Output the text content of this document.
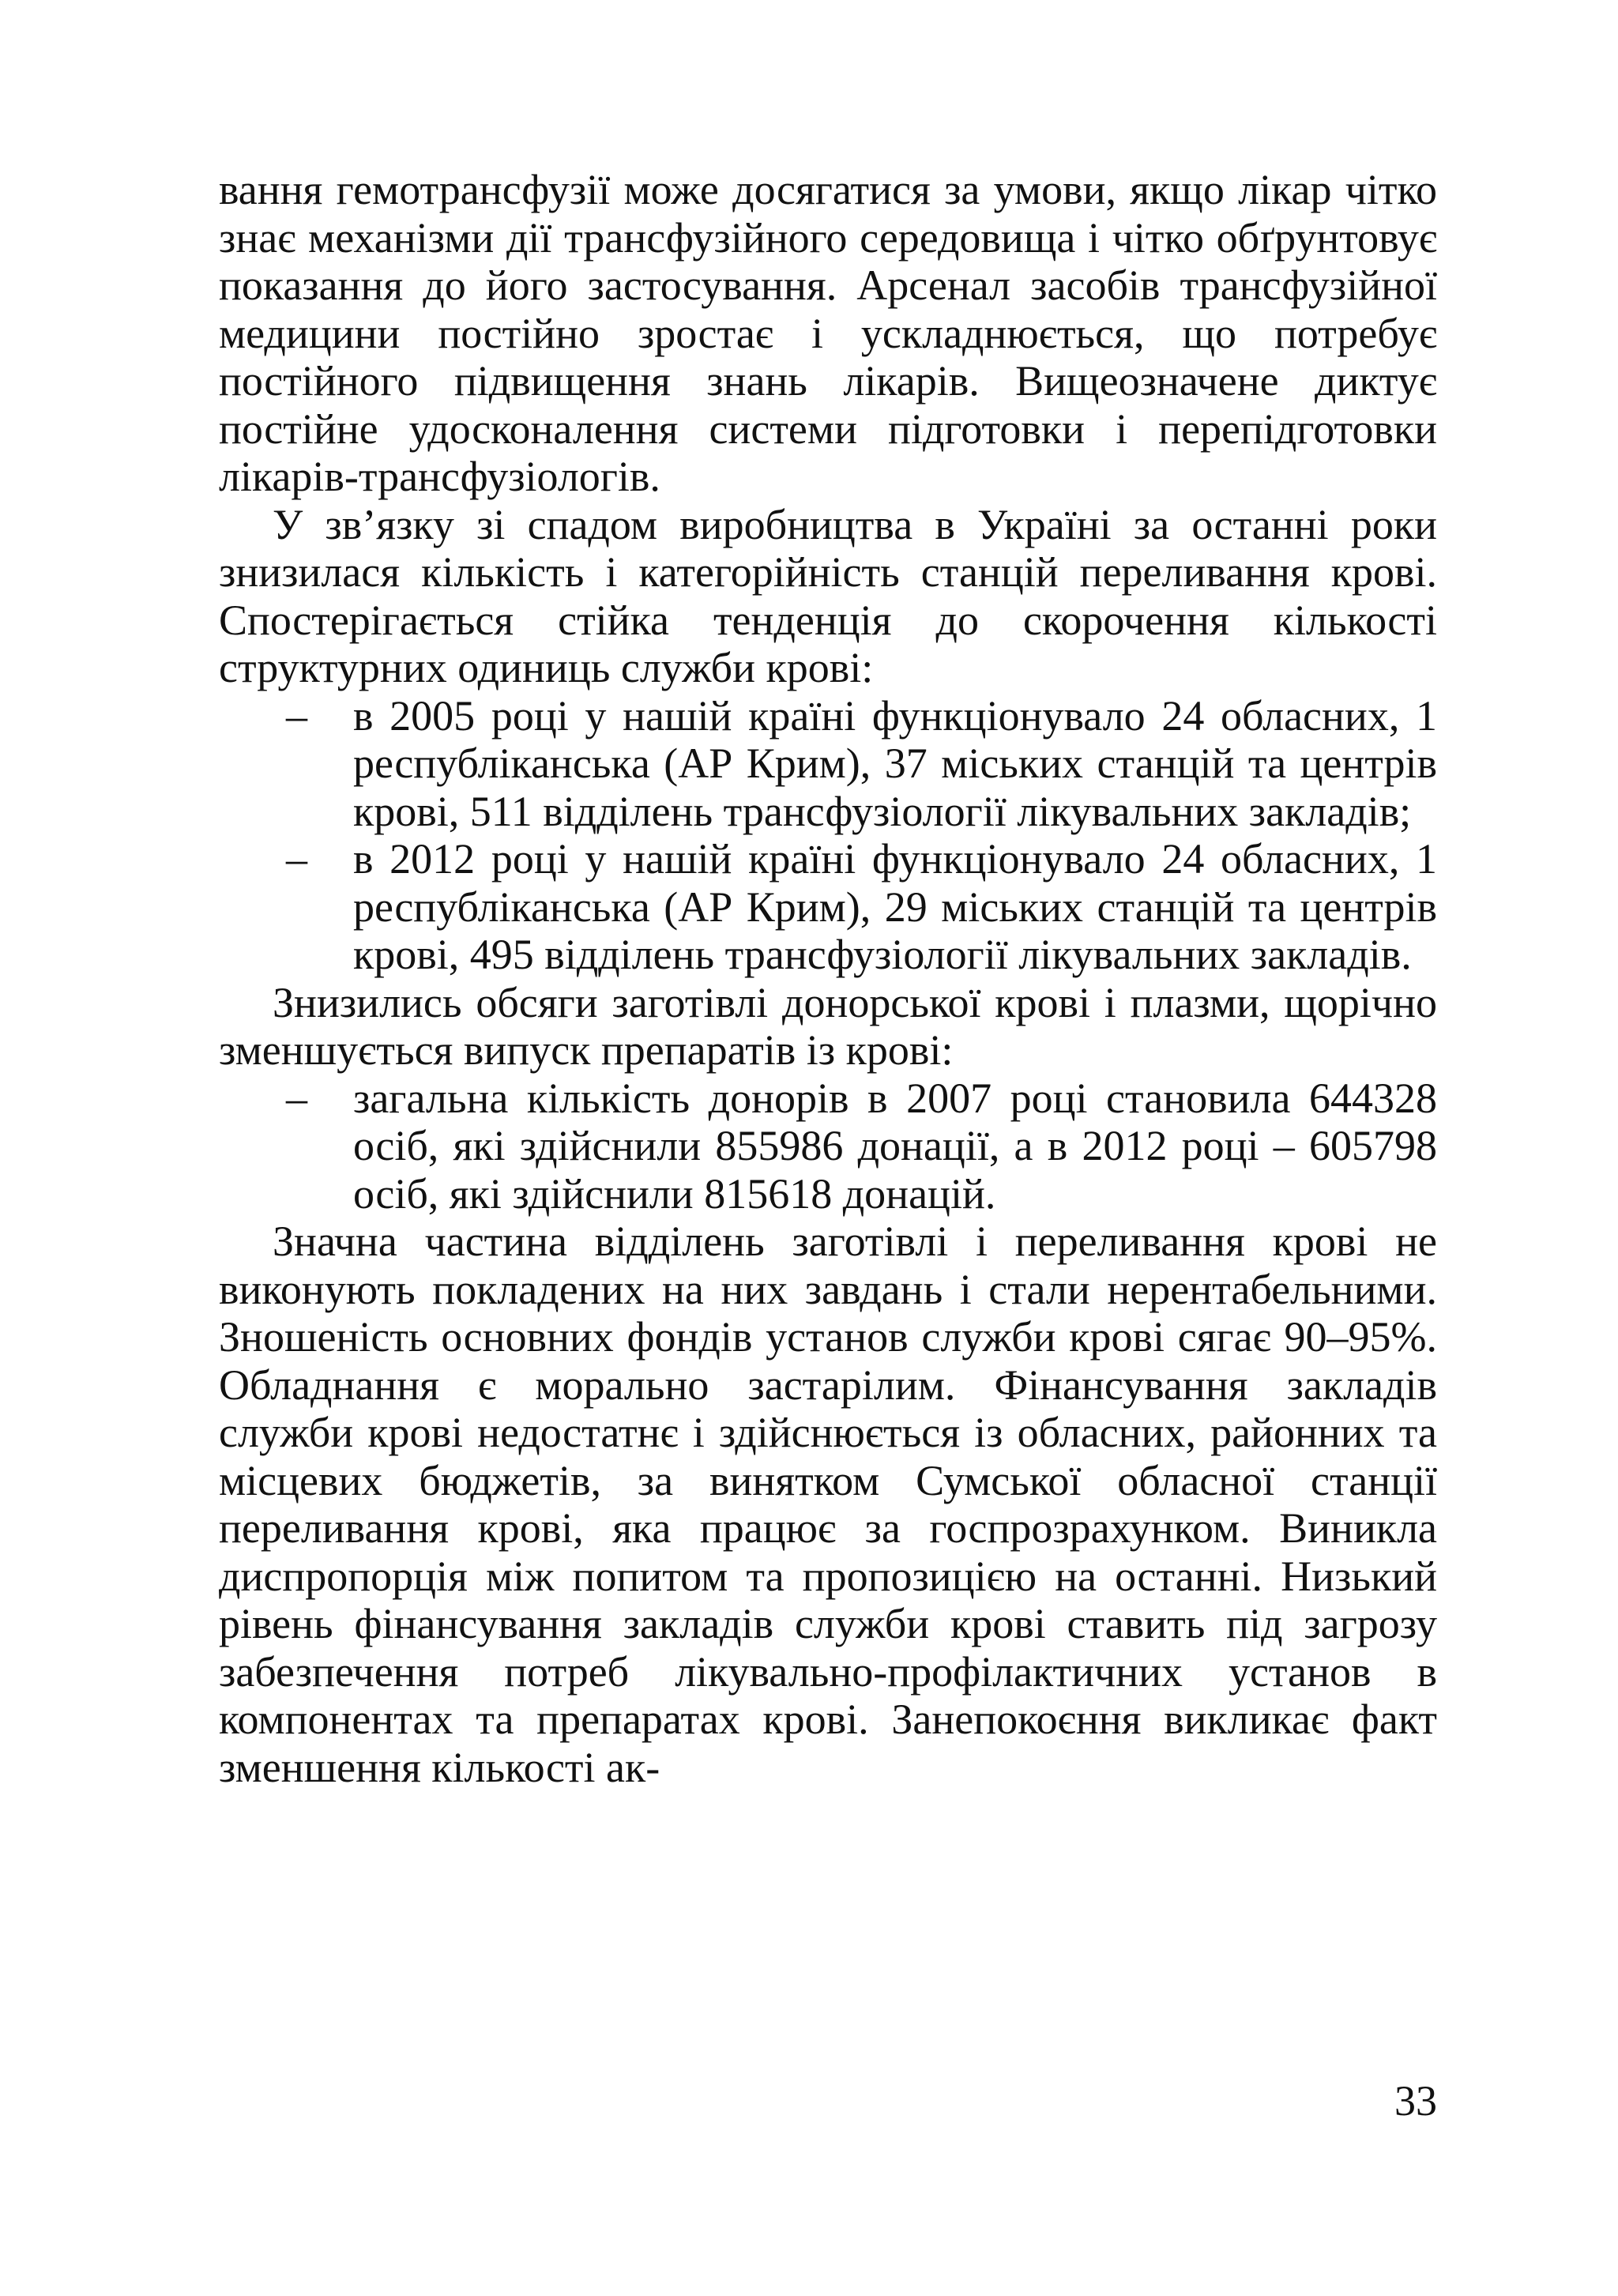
вання гемотрансфузії може досягатися за умови, якщо лікар чітко знає механізми дії трансфузійного середовища і чітко обґрунтовує показання до його застосування. Арсенал засобів трансфузійної медицини постійно зростає і ускладнюється, що потребує постійного підвищення знань лікарів. Вищеозначене диктує постійне удосконалення системи підготовки і перепідготовки лікарів-трансфузіологів.

У зв’язку зі спадом виробництва в Україні за останні роки знизилася кількість і категорійність станцій переливання крові. Спостерігається стійка тенденція до скорочення кількості структурних одиниць служби крові:

– в 2005 році у нашій країні функціонувало 24 обласних, 1 республіканська (АР Крим), 37 міських станцій та центрів крові, 511 відділень трансфузіології лікувальних закладів;
– в 2012 році у нашій країні функціонувало 24 обласних, 1 республіканська (АР Крим), 29 міських станцій та центрів крові, 495 відділень трансфузіології лікувальних закладів.

Знизились обсяги заготівлі донорської крові і плазми, щорічно зменшується випуск препаратів із крові:

– загальна кількість донорів в 2007 році становила 644328 осіб, які здійснили 855986 донації, а в 2012 році – 605798 осіб, які здійснили 815618 донацій.

Значна частина відділень заготівлі і переливання крові не виконують покладених на них завдань і стали нерентабельними. Зношеність основних фондів установ служби крові сягає 90–95%. Обладнання є морально застарілим. Фінансування закладів служби крові недостатнє і здійснюється із обласних, районних та місцевих бюджетів, за винятком Сумської обласної станції переливання крові, яка працює за госпрозрахунком. Виникла диспропорція між попитом та пропозицією на останні. Низький рівень фінансування закладів служби крові ставить під загрозу забезпечення потреб лікувально-профілактичних установ в компонентах та препаратах крові. Занепокоєння викликає факт зменшення кількості ак-

33
